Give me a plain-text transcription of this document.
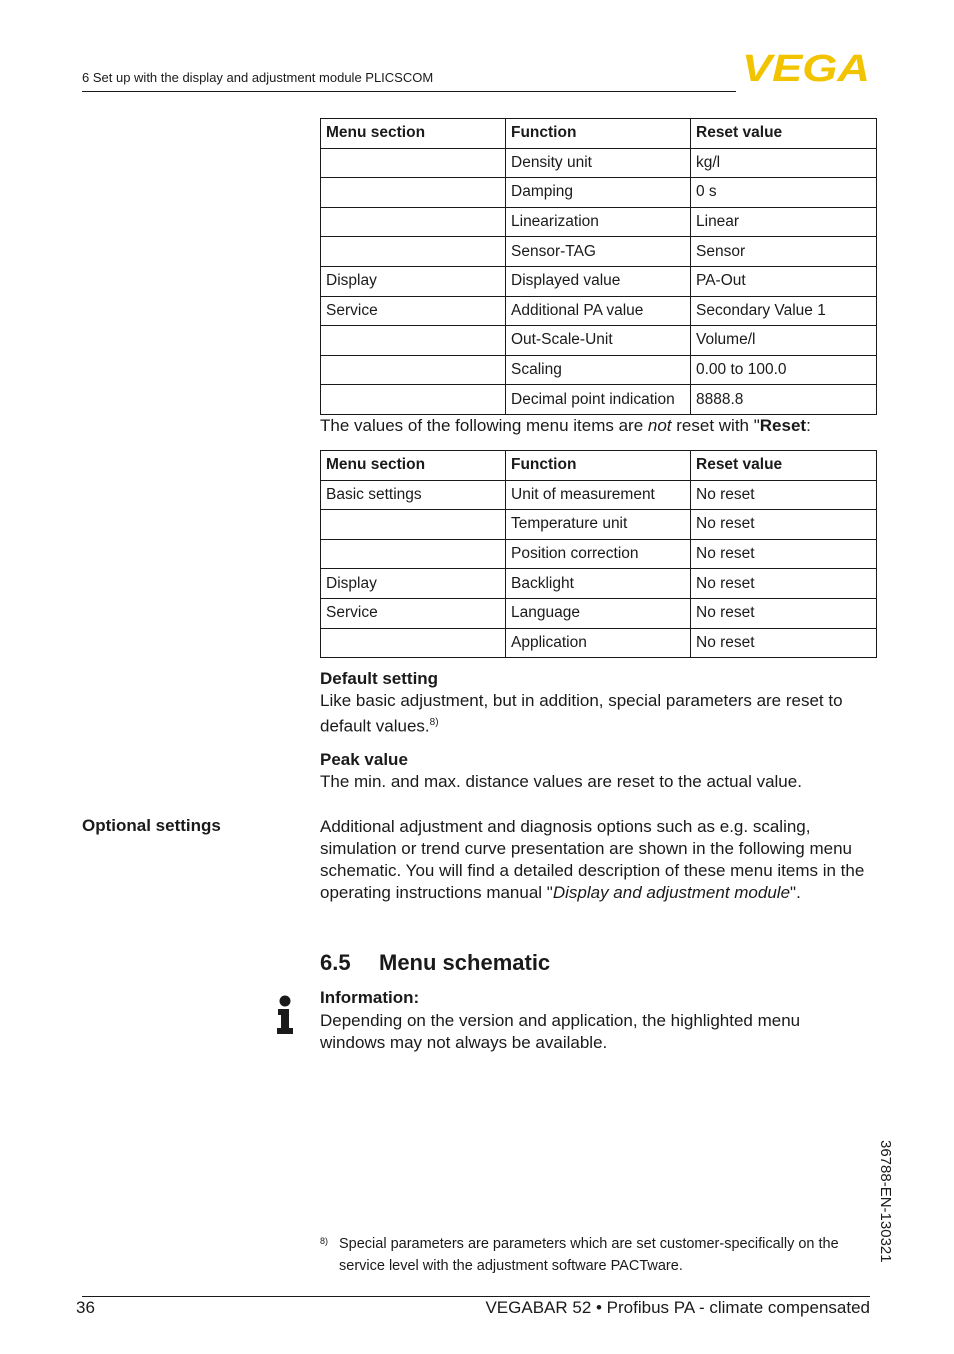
6 Set up with the display and adjustment module PLICSCOM	VEGA
Menu section	Function	Reset value
	Density unit	kg/l
	Damping	0 s
	Linearization	Linear
	Sensor-TAG	Sensor
Display	Displayed value	PA-Out
Service	Additional PA value	Secondary Value 1
	Out-Scale-Unit	Volume/l
	Scaling	0.00 to 100.0
	Decimal point indication	8888.8
The values of the following menu items are not reset with "Reset:
Menu section	Function	Reset value
Basic settings	Unit of measurement	No reset
	Temperature unit	No reset
	Position correction	No reset
Display	Backlight	No reset
Service	Language	No reset
	Application	No reset
Default setting
Like basic adjustment, but in addition, special parameters are reset to default values.$^{8)}$
Peak value
The min. and max. distance values are reset to the actual value.
Optional settings	Additional adjustment and diagnosis options such as e.g. scaling, simulation or trend curve presentation are shown in the following menu schematic. You will find a detailed description of these menu items in the operating instructions manual "Display and adjustment module".
6.5 Menu schematic
Information:
Depending on the version and application, the highlighted menu windows may not always be available.
36788-EN-130321
8) Special parameters are parameters which are set customer-specifically on the service level with the adjustment software PACTware.
36	VEGABAR 52 • Profibus PA - climate compensated
